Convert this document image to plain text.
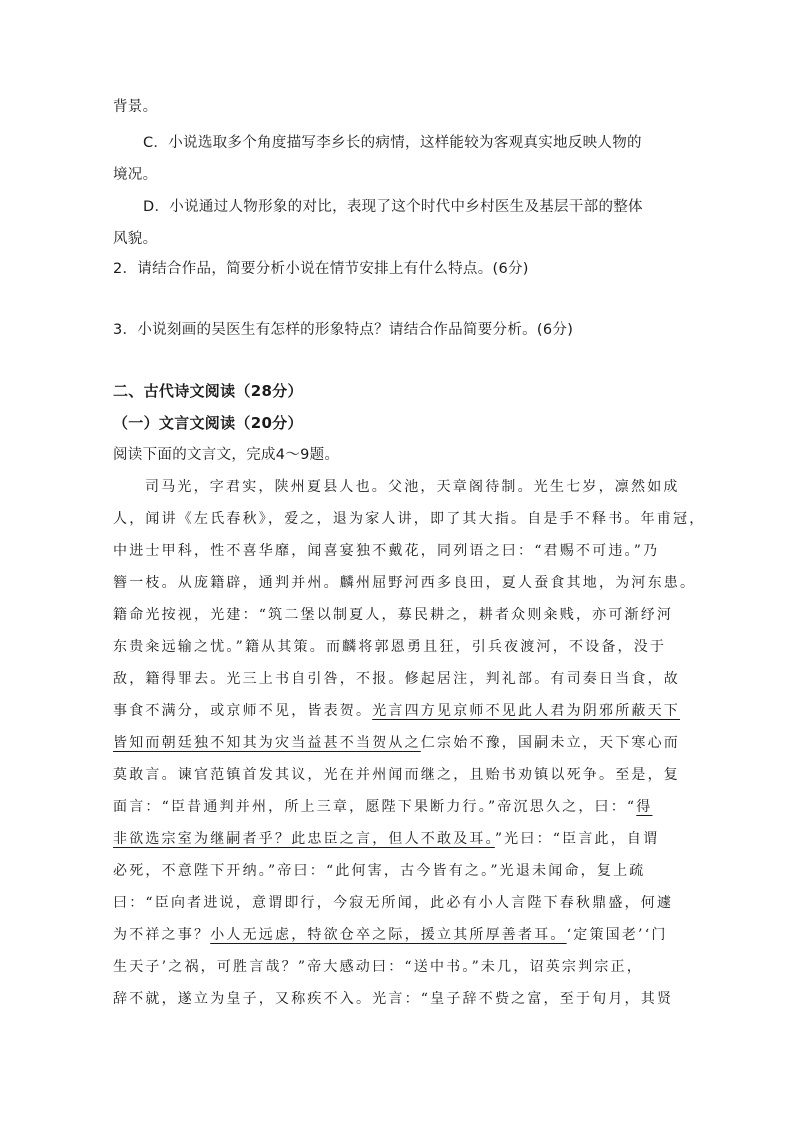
背景。
C．小说选取多个角度描写李乡长的病情，这样能较为客观真实地反映人物的
境况。
D．小说通过人物形象的对比，表现了这个时代中乡村医生及基层干部的整体
风貌。
2．请结合作品，简要分析小说在情节安排上有什么特点。(6分)
3．小说刻画的吴医生有怎样的形象特点？请结合作品简要分析。(6分)
二、古代诗文阅读（28分）
（一）文言文阅读（20分）
阅读下面的文言文，完成4～9题。
司马光，字君实，陕州夏县人也。父池，天章阁待制。光生七岁，凛然如成
人，闻讲《左氏春秋》，爱之，退为家人讲，即了其大指。自是手不释书。年甫冠，
中进士甲科，性不喜华靡，闻喜宴独不戴花，同列语之曰：“君赐不可违。”乃
簪一枝。从庞籍辟，通判并州。麟州屈野河西多良田，夏人蚕食其地，为河东患。
籍命光按视，光建：“筑二堡以制夏人，募民耕之，耕者众则籴贱，亦可渐纾河
东贵籴远输之忧。”籍从其策。而麟将郭恩勇且狂，引兵夜渡河，不设备，没于
敌，籍得罪去。光三上书自引咎，不报。修起居注，判礼部。有司奏日当食，故
事食不满分，或京师不见，皆表贺。光言四方见京师不见此人君为阴邪所蔽天下
皆知而朝廷独不知其为灾当益甚不当贺从之仁宗始不豫，国嗣未立，天下寒心而
莫敢言。谏官范镇首发其议，光在并州闻而继之，且贻书劝镇以死争。至是，复
面言：“臣昔通判并州，所上三章，愿陛下果断力行。”帝沉思久之，曰：“得
非欲选宗室为继嗣者乎？此忠臣之言，但人不敢及耳。”光曰：“臣言此，自谓
必死，不意陛下开纳。”帝曰：“此何害，古今皆有之。”光退未闻命，复上疏
曰：“臣向者进说，意谓即行，今寂无所闻，此必有小人言陛下春秋鼎盛，何遽
为不祥之事？小人无远虑，特欲仓卒之际，援立其所厚善者耳。‘定策国老’‘门
生天子’之祸，可胜言哉？”帝大感动曰：“送中书。”未几，诏英宗判宗正，
辞不就，遂立为皇子，又称疾不入。光言：“皇子辞不赀之富，至于旬月，其贤
